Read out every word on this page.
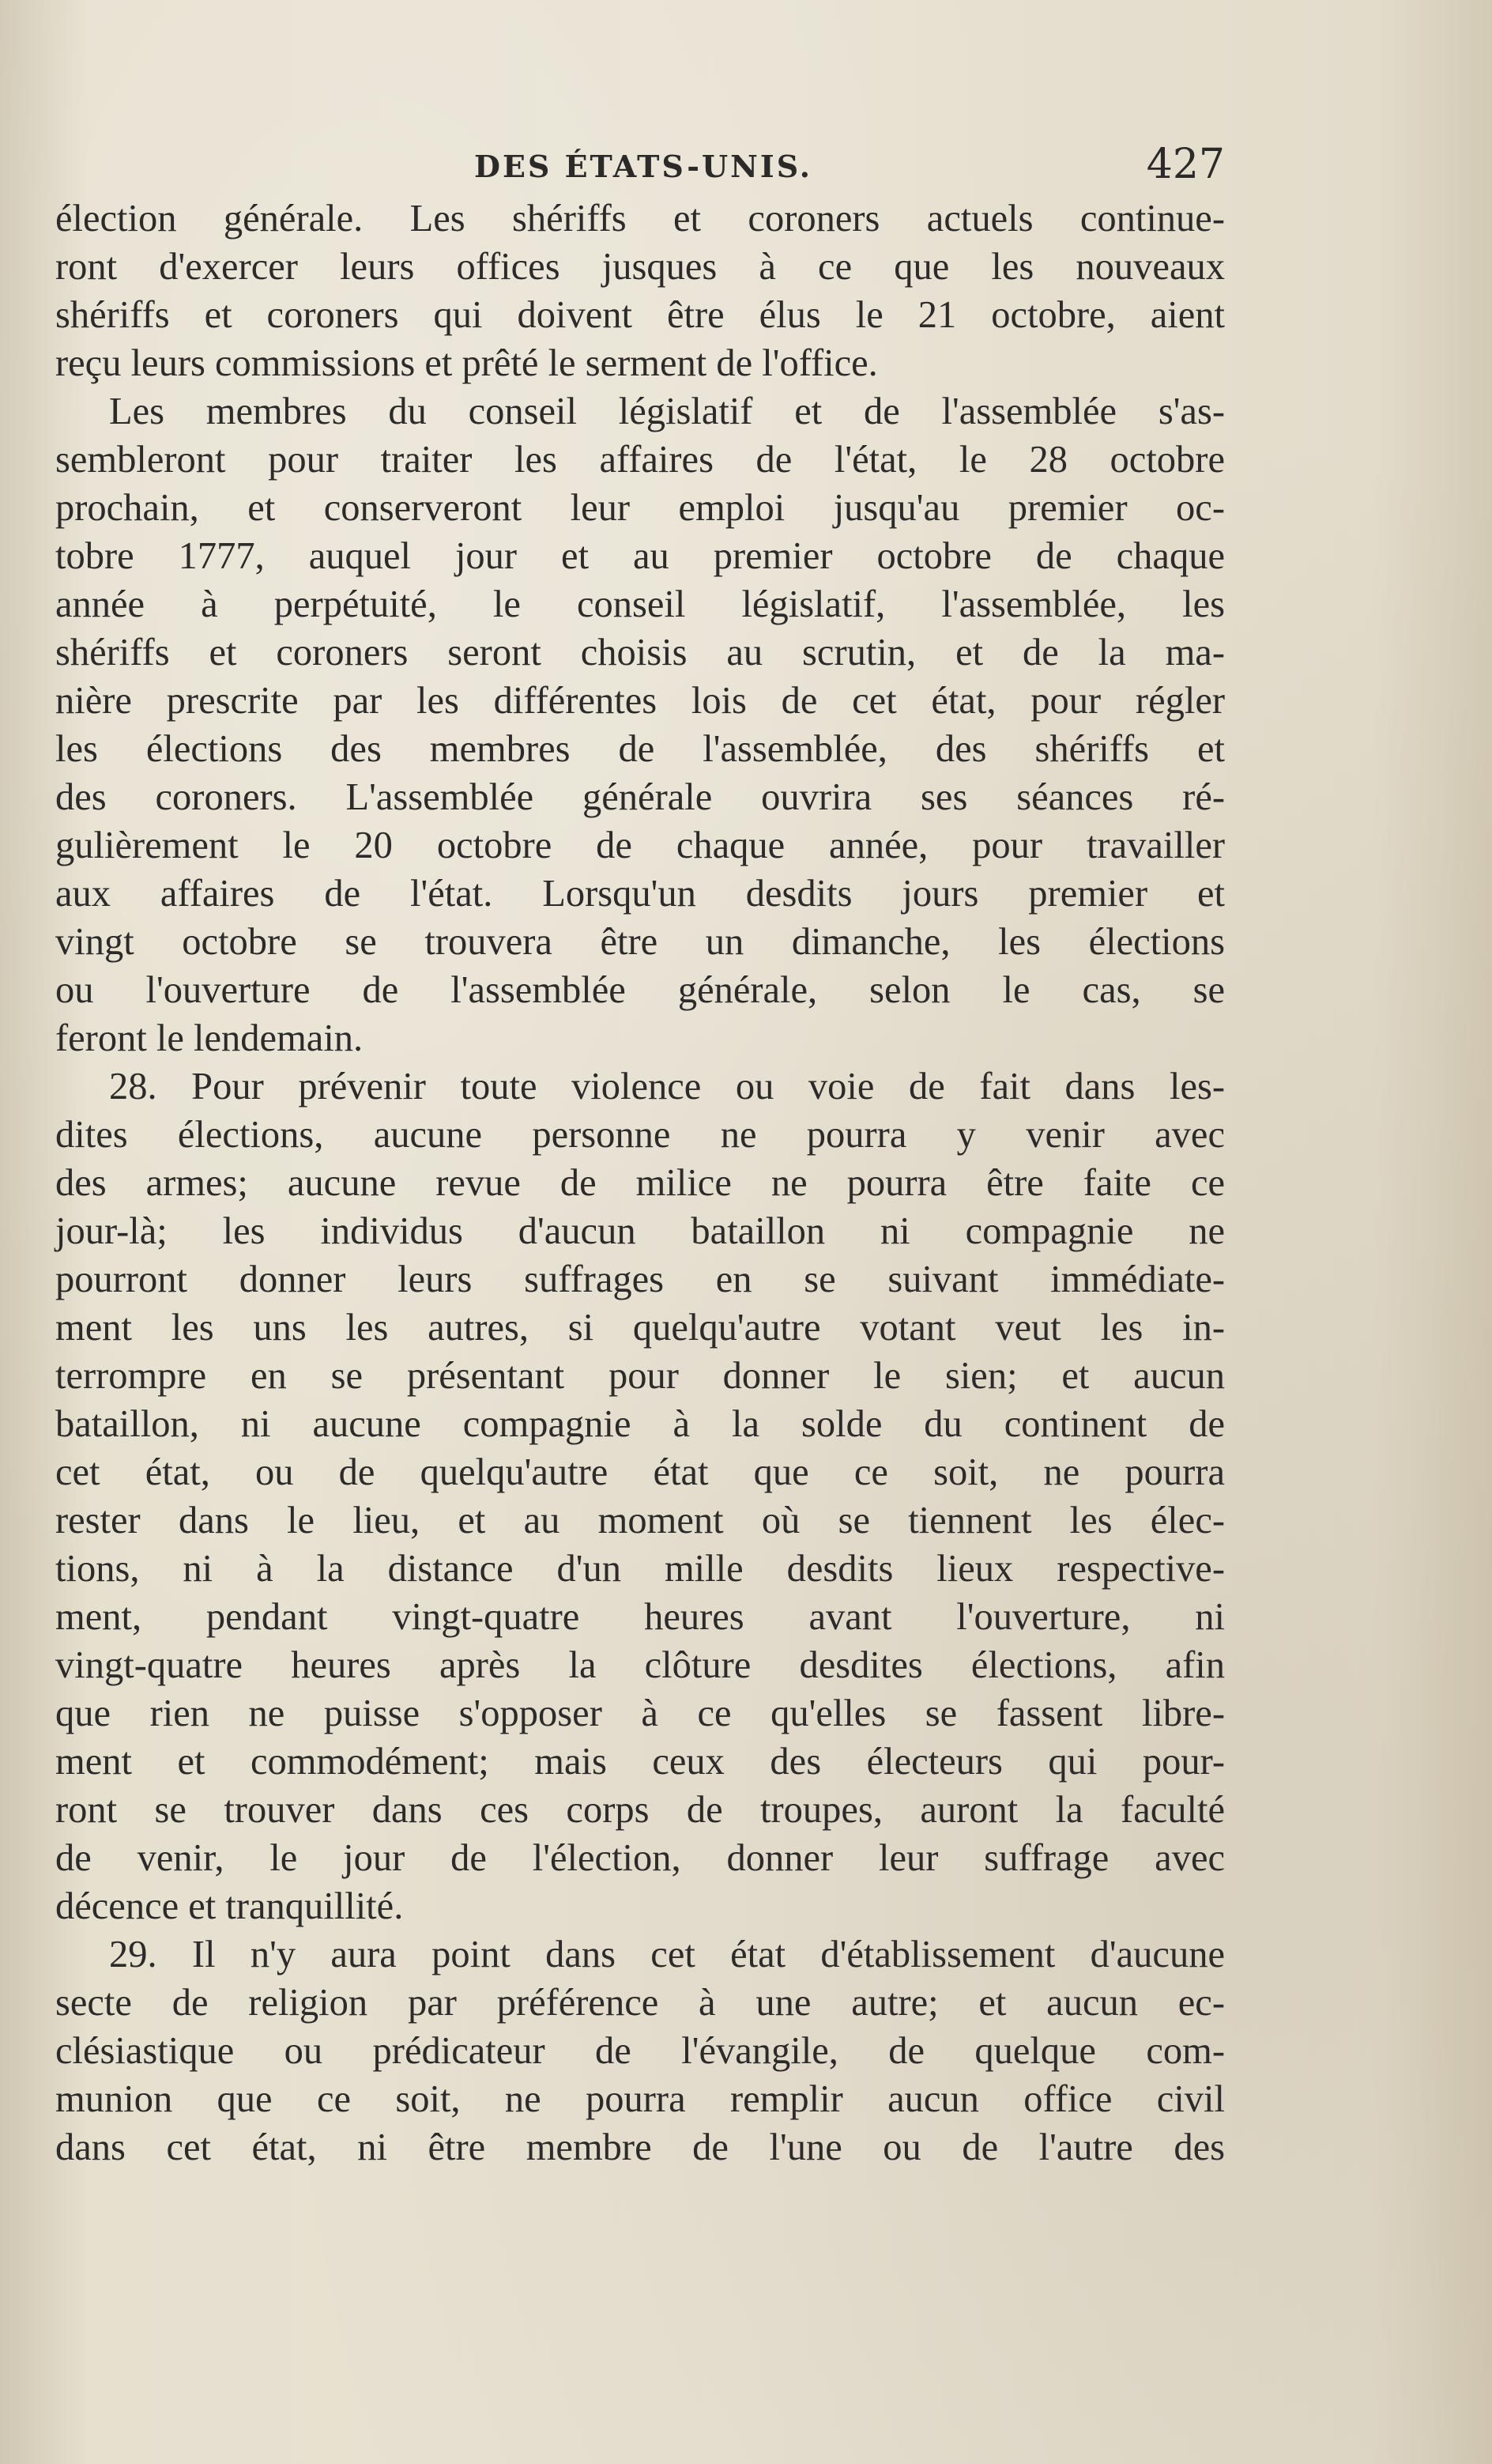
DES ÉTATS-UNIS.	427
élection générale. Les shériffs et coroners actuels continue-
ront d'exercer leurs offices jusques à ce que les nouveaux
shériffs et coroners qui doivent être élus le 21 octobre, aient
reçu leurs commissions et prêté le serment de l'office.
Les membres du conseil législatif et de l'assemblée s'as-
sembleront pour traiter les affaires de l'état, le 28 octobre
prochain, et conserveront leur emploi jusqu'au premier oc-
tobre 1777, auquel jour et au premier octobre de chaque
année à perpétuité, le conseil législatif, l'assemblée, les
shériffs et coroners seront choisis au scrutin, et de la ma-
nière prescrite par les différentes lois de cet état, pour régler
les élections des membres de l'assemblée, des shériffs et
des coroners. L'assemblée générale ouvrira ses séances ré-
gulièrement le 20 octobre de chaque année, pour travailler
aux affaires de l'état. Lorsqu'un desdits jours premier et
vingt octobre se trouvera être un dimanche, les élections
ou l'ouverture de l'assemblée générale, selon le cas, se
feront le lendemain.
28. Pour prévenir toute violence ou voie de fait dans les-
dites élections, aucune personne ne pourra y venir avec
des armes; aucune revue de milice ne pourra être faite ce
jour-là; les individus d'aucun bataillon ni compagnie ne
pourront donner leurs suffrages en se suivant immédiate-
ment les uns les autres, si quelqu'autre votant veut les in-
terrompre en se présentant pour donner le sien; et aucun
bataillon, ni aucune compagnie à la solde du continent de
cet état, ou de quelqu'autre état que ce soit, ne pourra
rester dans le lieu, et au moment où se tiennent les élec-
tions, ni à la distance d'un mille desdits lieux respective-
ment, pendant vingt-quatre heures avant l'ouverture, ni
vingt-quatre heures après la clôture desdites élections, afin
que rien ne puisse s'opposer à ce qu'elles se fassent libre-
ment et commodément; mais ceux des électeurs qui pour-
ront se trouver dans ces corps de troupes, auront la faculté
de venir, le jour de l'élection, donner leur suffrage avec
décence et tranquillité.
29. Il n'y aura point dans cet état d'établissement d'aucune
secte de religion par préférence à une autre; et aucun ec-
clésiastique ou prédicateur de l'évangile, de quelque com-
munion que ce soit, ne pourra remplir aucun office civil
dans cet état, ni être membre de l'une ou de l'autre des
